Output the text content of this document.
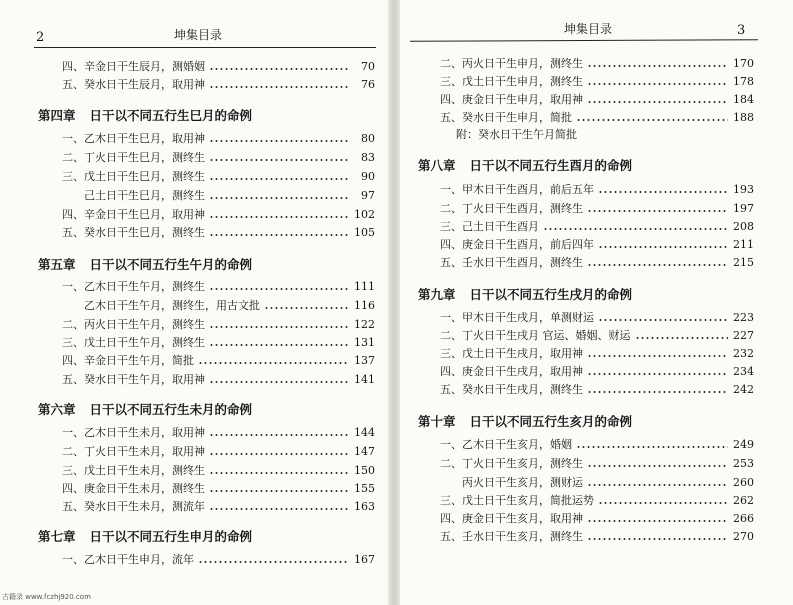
2	坤集目录	坤集目录	3
四、辛金日干生辰月，测婚姻	70
五、癸水日干生辰月，取用神	76
第四章 日干以不同五行生巳月的命例
一、乙木日干生巳月，取用神	80
二、丁火日干生巳月，测终生	83
三、戊土日干生巳月，测终生	90
己土日干生巳月，测终生	97
四、辛金日干生巳月，取用神	102
五、癸水日干生巳月，测终生	105
第五章 日干以不同五行生午月的命例
一、乙木日干生午月，测终生	111
乙木日干生午月，测终生，用古文批	116
二、丙火日干生午月，测终生	122
三、戊土日干生午月，测终生	131
四、辛金日干生午月，简批	137
五、癸水日干生午月，取用神	141
第六章 日干以不同五行生未月的命例
一、乙木日干生未月，取用神	144
二、丁火日干生未月，取用神	147
三、戊土日干生未月，测终生	150
四、庚金日干生未月，测终生	155
五、癸水日干生未月，测流年	163
第七章 日干以不同五行生申月的命例
一、乙木日干生申月，流年	167
二、丙火日干生申月，测终生	170
三、戊土日干生申月，测终生	178
四、庚金日干生申月，取用神	184
五、癸水日干生申月，简批	188
附：癸水日干生午月简批
第八章 日干以不同五行生酉月的命例
一、甲木日干生酉月，前后五年	193
二、丁火日干生酉月，测终生	197
三、己土日干生酉月	208
四、庚金日干生酉月，前后四年	211
五、壬水日干生酉月，测终生	215
第九章 日干以不同五行生戌月的命例
一、甲木日干生戌月，单测财运	223
二、丁火日干生戌月 官运、婚姻、财运	227
三、戊土日干生戌月，取用神	232
四、庚金日干生戌月，取用神	234
五、癸水日干生戌月，测终生	242
第十章 日干以不同五行生亥月的命例
一、乙木日干生亥月，婚姻	249
二、丁火日干生亥月，测终生	253
丙火日干生亥月，测财运	260
三、戊土日干生亥月，简批运势	262
四、庚金日干生亥月，取用神	266
五、壬水日干生亥月，测终生	270
古籍录 www.fczhj920.com
